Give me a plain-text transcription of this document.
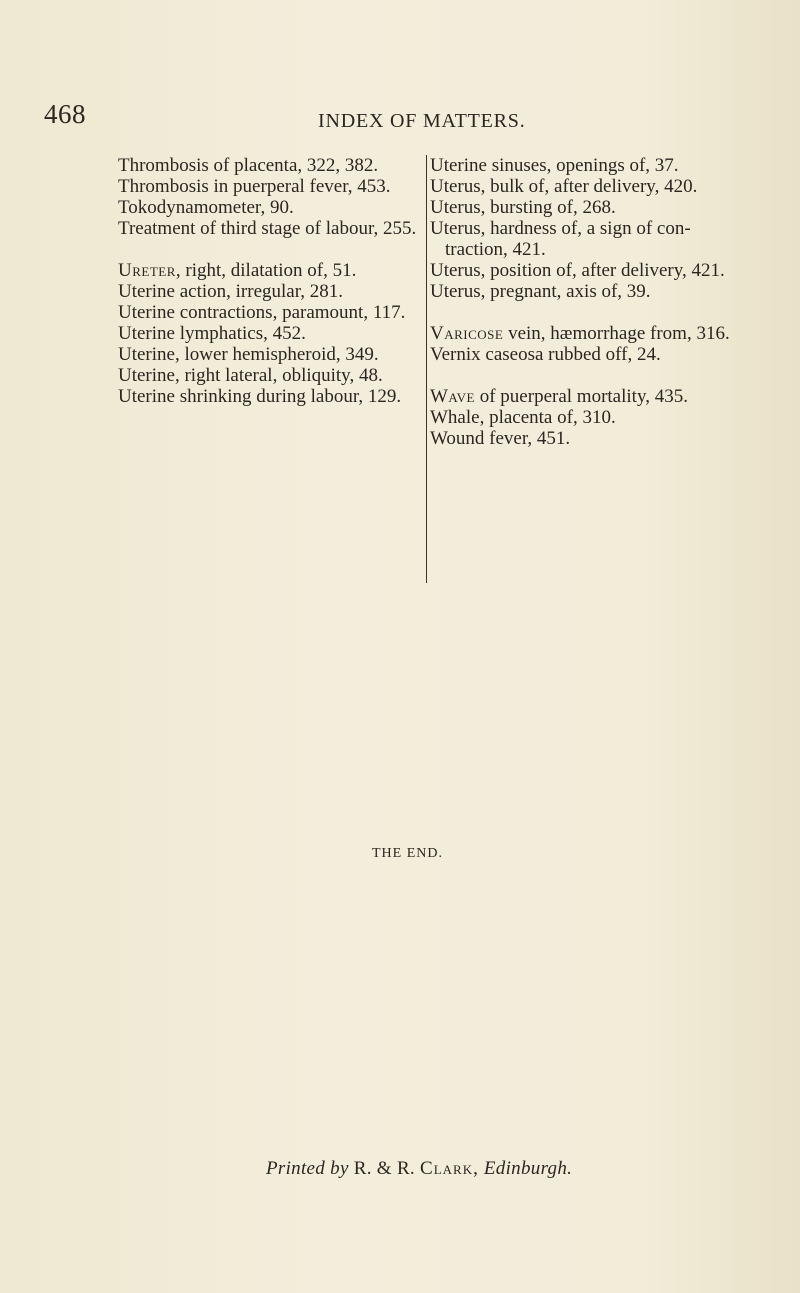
468	INDEX OF MATTERS.

Thrombosis of placenta, 322, 382.

Thrombosis in puerperal fever, 453.

Tokodynamometer, 90.

Treatment of third stage of labour, 255.

Ureter, right, dilatation of, 51.

Uterine action, irregular, 281.

Uterine contractions, paramount, 117.

Uterine lymphatics, 452.

Uterine, lower hemispheroid, 349.

Uterine, right lateral, obliquity, 48.

Uterine shrinking during labour, 129.

Uterine sinuses, openings of, 37.

Uterus, bulk of, after delivery, 420.

Uterus, bursting of, 268.

Uterus, hardness of, a sign of con-traction, 421.

Uterus, position of, after delivery, 421.

Uterus, pregnant, axis of, 39.

Varicose vein, hæmorrhage from, 316.

Vernix caseosa rubbed off, 24.

Wave of puerperal mortality, 435.

Whale, placenta of, 310.

Wound fever, 451.

THE END.
Printed by R. & R. Clark, Edinburgh.
